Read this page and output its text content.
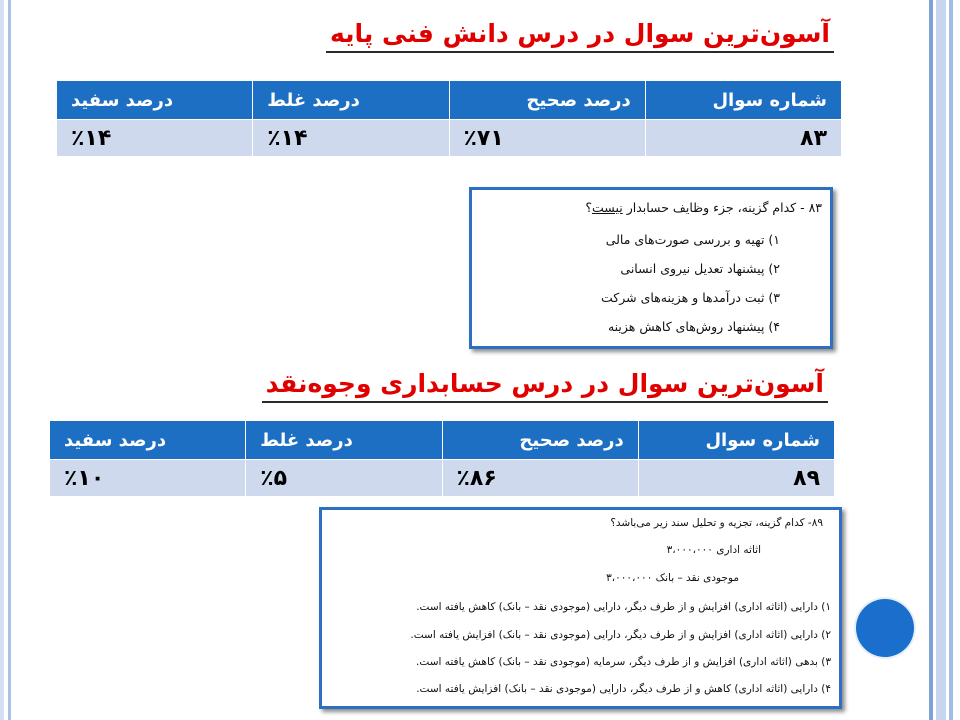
آسون‌ترین سوال در درس دانش فنی پایه
شماره سوال	درصد صحیح	درصد غلط	درصد سفید
۸۳	٪۷۱	٪۱۴	٪۱۴
۸۳ - کدام گزینه، جزء وظایف حسابدار نیست؟
۱) تهیه و بررسی صورت‌های مالی
۲) پیشنهاد تعدیل نیروی انسانی
۳) ثبت درآمدها و هزینه‌های شرکت
۴) پیشنهاد روش‌های کاهش هزینه
آسون‌ترین سوال در درس حسابداری وجوه‌نقد
شماره سوال	درصد صحیح	درصد غلط	درصد سفید
۸۹	٪۸۶	٪۵	٪۱۰
۸۹- کدام گزینه، تجزیه و تحلیل سند زیر می‌باشد؟
اثاثه اداری ۳،۰۰۰،۰۰۰
موجودی نقد – بانک ۳،۰۰۰،۰۰۰
۱) دارایی (اثاثه اداری) افزایش و از طرف دیگر، دارایی (موجودی نقد – بانک) کاهش یافته است.
۲) دارایی (اثاثه اداری) افزایش و از طرف دیگر، دارایی (موجودی نقد – بانک) افزایش یافته است.
۳) بدهی (اثاثه اداری) افزایش و از طرف دیگر، سرمایه (موجودی نقد – بانک) کاهش یافته است.
۴) دارایی (اثاثه اداری) کاهش و از طرف دیگر، دارایی (موجودی نقد – بانک) افزایش یافته است.
